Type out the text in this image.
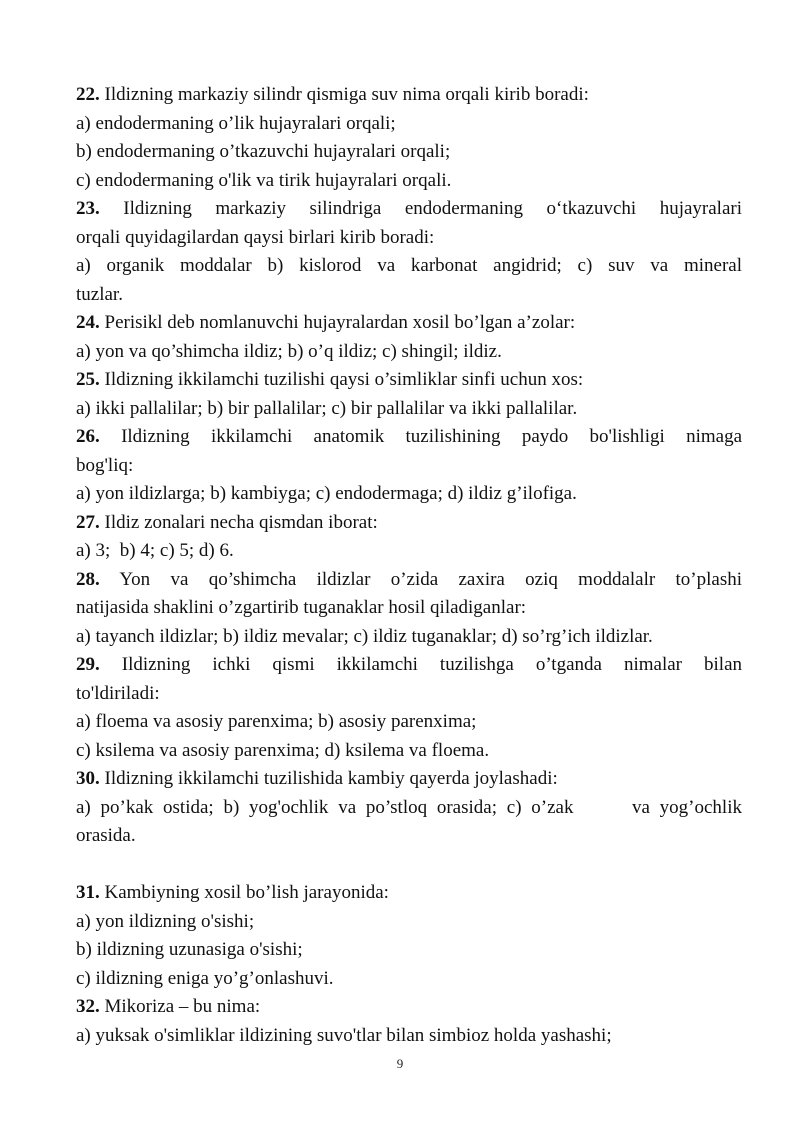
22. Ildizning markaziy silindr qismiga suv nima orqali kirib boradi:
a) endodermaning o’lik hujayralari orqali;
b) endodermaning o’tkazuvchi hujayralari orqali;
c) endodermaning o'lik va tirik hujayralari orqali.
23. Ildizning markaziy silindriga endodermaning o‘tkazuvchi hujayralari
orqali quyidagilardan qaysi birlari kirib boradi:
a) organik moddalar b) kislorod va karbonat angidrid; c) suv va mineral
tuzlar.
24. Perisikl deb nomlanuvchi hujayralardan xosil bo’lgan a’zolar:
a) yon va qo’shimcha ildiz; b) o’q ildiz; c) shingil; ildiz.
25. Ildizning ikkilamchi tuzilishi qaysi o’simliklar sinfi uchun xos:
a) ikki pallalilar; b) bir pallalilar; c) bir pallalilar va ikki pallalilar.
26. Ildizning ikkilamchi anatomik tuzilishining paydo bo'lishligi nimaga
bog'liq:
a) yon ildizlarga; b) kambiyga; c) endodermaga; d) ildiz g’ilofiga.
27. Ildiz zonalari necha qismdan iborat:
a) 3;  b) 4; c) 5; d) 6.
28. Yon va qo’shimcha ildizlar o’zida zaxira oziq moddalalr to’plashi
natijasida shaklini o’zgartirib tuganaklar hosil qiladiganlar:
a) tayanch ildizlar; b) ildiz mevalar; c) ildiz tuganaklar; d) so’rg’ich ildizlar.
29. Ildizning ichki qismi ikkilamchi tuzilishga o’tganda nimalar bilan
to'ldiriladi:
a) floema va asosiy parenxima; b) asosiy parenxima;
c) ksilema va asosiy parenxima; d) ksilema va floema.
30. Ildizning ikkilamchi tuzilishida kambiy qayerda joylashadi:
a) po’kak ostida; b) yog'ochlik va po’stloq orasida; c) o’zak      va yog’ochlik
orasida.
31. Kambiyning xosil bo’lish jarayonida:
a) yon ildizning o'sishi;
b) ildizning uzunasiga o'sishi;
c) ildizning eniga yo’g’onlashuvi.
32. Mikoriza – bu nima:
a) yuksak o'simliklar ildizining suvo'tlar bilan simbioz holda yashashi;
9
